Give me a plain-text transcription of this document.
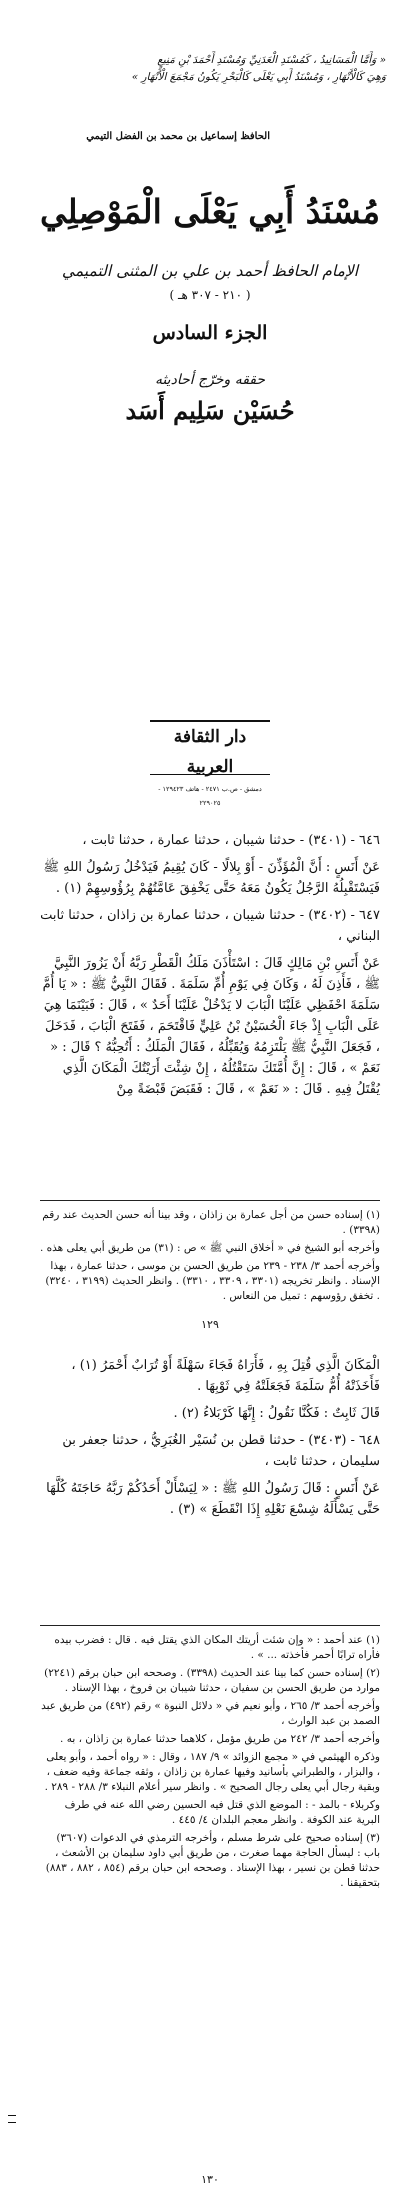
« وَأَمَّا الْمَسَانِيدُ ، كَمُسْنَدِ الْعَدَنِيِّ وَمُسْنَدِ أَحْمَدَ بْنِ مَنِيعٍ
وَهِيَ كَالْأَنْهَارِ ، وَمُسْنَدُ أَبِي يَعْلَى كَالْبَحْرِ يَكُونُ مَجْمَعَ الْأَنْهَارِ »
الحافظ إسماعيل بن محمد بن الفضل التيمي
مُسْنَدُ أَبِي يَعْلَى الْمَوْصِلِي
الإمام الحافظ أحمد بن علي بن المثنى التميمي
( ٢١٠ - ٣٠٧ هـ )
الجزء السادس
حققه وخرّج أحاديثه
حُسَيْن سَلِيم أَسَد
دار الثقافة العربية
دمشق - ص.ب ٢٤٧١ - هاتف ١٢٩٤٢٣ - ٢٢٩٠٢٥

٦٤٦ - (٣٤٠١) - حدثنا شيبان ، حدثنا عمارة ، حدثنا ثابت ،

عَنْ أَنَسٍ : أَنَّ الْمُؤَذِّنَ - أَوْ بِلالًا - كَانَ يُقِيمُ فَيَدْخُلُ رَسُولُ اللهِ ﷺ فَيَسْتَقْبِلُهُ الرَّجُلُ يَكُونُ مَعَهُ حَتَّى يَخْفِقَ عَامَّتُهُمْ بِرُؤُوسِهِمْ (١) .

٦٤٧ - (٣٤٠٢) - حدثنا شيبان ، حدثنا عمارة بن زاذان ، حدثنا ثابت البناني ،

عَنْ أَنَسِ بْنِ مَالِكٍ قَالَ : اسْتَأْذَنَ مَلَكُ الْقَطْرِ رَبَّهُ أَنْ يَزُورَ النَّبِيَّ ﷺ ، فَأَذِنَ لَهُ ، وَكَانَ فِي يَوْمِ أُمِّ سَلَمَةَ . فَقَالَ النَّبِيُّ ﷺ : « يَا أُمَّ سَلَمَةَ احْفَظِي عَلَيْنَا الْبَابَ لا يَدْخُلْ عَلَيْنَا أَحَدٌ » ، قَالَ : فَبَيْنَمَا هِيَ عَلَى الْبَابِ إِذْ جَاءَ الْحُسَيْنُ بْنُ عَلِيٍّ فَاقْتَحَمَ ، فَفَتَحَ الْبَابَ ، فَدَخَلَ ، فَجَعَلَ النَّبِيُّ ﷺ يَلْتَزِمُهُ وَيُقَبِّلُهُ ، فَقَالَ الْمَلَكُ : أَتُحِبُّهُ ؟ قَالَ : « نَعَمْ » ، قَالَ : إِنَّ أُمَّتَكَ سَتَقْتُلُهُ ، إِنْ شِئْتَ أَرَيْتُكَ الْمَكَانَ الَّذِي يُقْتَلُ فِيهِ . قَالَ : « نَعَمْ » ، قَالَ : فَقَبَضَ قَبْضَةً مِنْ

(١) إسناده حسن من أجل عمارة بن زاذان ، وقد بينا أنه حسن الحديث عند رقم (٣٣٩٨) .
وأخرجه أبو الشيخ في « أخلاق النبي ﷺ » ص : (٣١) من طريق أبي يعلى هذه .
وأخرجه أحمد ٣/ ٢٣٨ - ٢٣٩ من طريق الحسن بن موسى ، حدثنا عمارة ، بهذا الإسناد . وانظر تخريجه (٣٣٠١ ، ٣٣٠٩ ، ٣٣١٠) . وانظر الحديث (٣١٩٩ ، ٣٢٤٠) . تخفق رؤوسهم : تميل من النعاس .
١٢٩

الْمَكَانَ الَّذِي قُتِلَ بِهِ ، فَأَرَاهُ فَجَاءَ سَهْلَةً أَوْ تُرَابٌ أَحْمَرُ (١) ، فَأَخَذَتْهُ أُمُّ سَلَمَةَ فَجَعَلَتْهُ فِي ثَوْبِهَا .

قَالَ ثَابِتٌ : فَكُنَّا نَقُولُ : إِنَّهَا كَرْبَلاءُ (٢) .

٦٤٨ - (٣٤٠٣) - حدثنا قطن بن نُسَيْر الغُبَرِيُّ ، حدثنا جعفر بن سليمان ، حدثنا ثابت ،

عَنْ أَنَسٍ : قَالَ رَسُولُ اللهِ ﷺ : « لِيَسْأَلْ أَحَدُكُمْ رَبَّهُ حَاجَتَهُ كُلَّهَا حَتَّى يَسْأَلَهُ شِسْعَ نَعْلِهِ إِذَا انْقَطَعَ » (٣) .

(١) عند أحمد : « وإن شئت أريتك المكان الذي يقتل فيه . قال : فضرب بيده فأراه ترابًا أحمر فأخذته ... » .
(٢) إسناده حسن كما بينا عند الحديث (٣٣٩٨) . وصححه ابن حبان برقم (٢٢٤١) موارد من طريق الحسن بن سفيان ، حدثنا شيبان بن فروخ ، بهذا الإسناد .
وأخرجه أحمد ٣/ ٢٦٥ ، وأبو نعيم في « دلائل النبوة » رقم (٤٩٢) من طريق عبد الصمد بن عبد الوارث ،
وأخرجه أحمد ٣/ ٢٤٢ من طريق مؤمل ، كلاهما حدثنا عمارة بن زاذان ، به .
وذكره الهيثمي في « مجمع الزوائد » ٩/ ١٨٧ ، وقال : « رواه أحمد ، وأبو يعلى ، والبزار ، والطبراني بأسانيد وفيها عمارة بن زاذان ، وثقه جماعة وفيه ضعف ، وبقية رجال أبي يعلى رجال الصحيح » . وانظر سير أعلام النبلاء ٣/ ٢٨٨ - ٢٨٩ .
وكربلاء - بالمد - : الموضع الذي قتل فيه الحسين رضي الله عنه في طرف البرية عند الكوفة . وانظر معجم البلدان ٤/ ٤٤٥ .
(٣) إسناده صحيح على شرط مسلم ، وأخرجه الترمذي في الدعوات (٣٦٠٧) باب : ليسأل الحاجة مهما صغرت ، من طريق أبي داود سليمان بن الأشعث ، حدثنا قطن بن نسير ، بهذا الإسناد . وصححه ابن حبان برقم (٨٥٤ ، ٨٨٢ ، ٨٨٣) بتحقيقنا .
١٣٠
